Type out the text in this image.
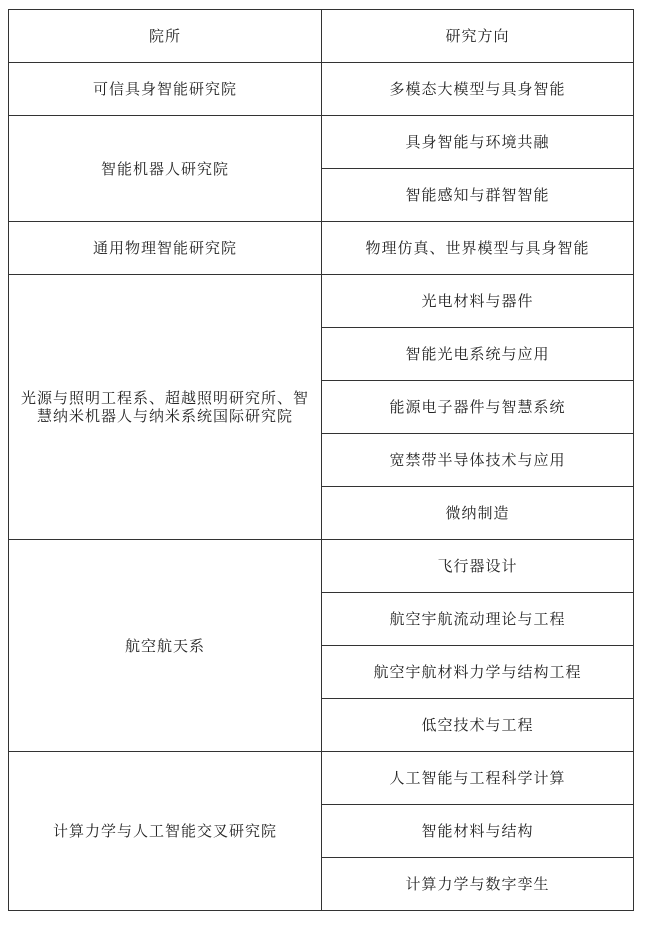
院所	研究方向
可信具身智能研究院	多模态大模型与具身智能
智能机器人研究院	具身智能与环境共融
	智能感知与群智智能
通用物理智能研究院	物理仿真、世界模型与具身智能
光源与照明工程系、超越照明研究所、智慧纳米机器人与纳米系统国际研究院	光电材料与器件
	智能光电系统与应用
	能源电子器件与智慧系统
	宽禁带半导体技术与应用
	微纳制造
航空航天系	飞行器设计
	航空宇航流动理论与工程
	航空宇航材料力学与结构工程
	低空技术与工程
计算力学与人工智能交叉研究院	人工智能与工程科学计算
	智能材料与结构
	计算力学与数字孪生
